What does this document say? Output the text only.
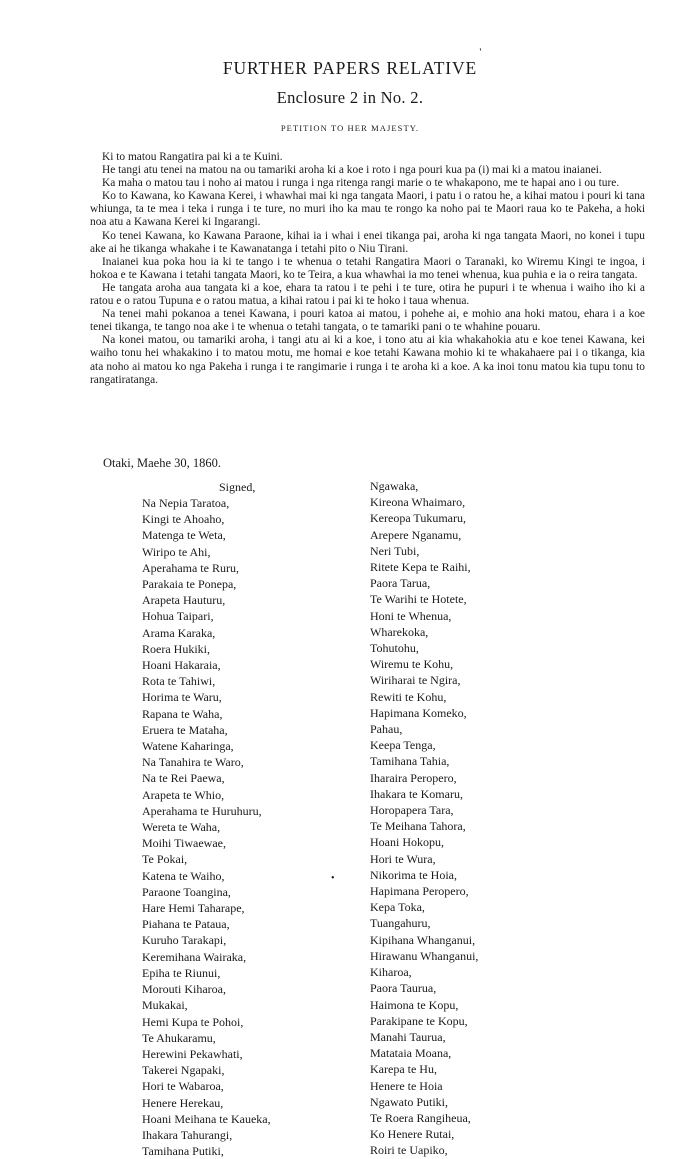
ʹ
FURTHER PAPERS RELATIVE
Enclosure 2 in No. 2.
PETITION TO HER MAJESTY.

Ki to matou Rangatira pai ki a te Kuini.

He tangi atu tenei na matou na ou tamariki aroha ki a koe i roto i nga pouri kua pa (i) mai ki a matou inaianei.

Ka maha o matou tau i noho ai matou i runga i nga ritenga rangi marie o te whakapono, me te hapai ano i ou ture.

Ko to Kawana, ko Kawana Kerei, i whawhai mai ki nga tangata Maori, i patu i o ratou he, a kihai matou i pouri ki tana whiunga, ta te mea i teka i runga i te ture, no muri iho ka mau te rongo ka noho pai te Maori raua ko te Pakeha, a hoki noa atu a Kawana Kerei ki Ingarangi.

Ko tenei Kawana, ko Kawana Paraone, kihai ia i whai i enei tikanga pai, aroha ki nga tangata Maori, no konei i tupu ake ai he tikanga whakahe i te Kawanatanga i tetahi pito o Niu Tirani.

Inaianei kua poka hou ia ki te tango i te whenua o tetahi Rangatira Maori o Taranaki, ko Wiremu Kingi te ingoa, i hokoa e te Kawana i tetahi tangata Maori, ko te Teira, a kua whawhai ia mo tenei whenua, kua puhia e ia o reira tangata.

He tangata aroha aua tangata ki a koe, ehara ta ratou i te pehi i te ture, otira he pupuri i te whenua i waiho iho ki a ratou e o ratou Tupuna e o ratou matua, a kihai ratou i pai ki te hoko i taua whenua.

Na tenei mahi pokanoa a tenei Kawana, i pouri katoa ai matou, i pohehe ai, e mohio ana hoki matou, ehara i a koe tenei tikanga, te tango noa ake i te whenua o tetahi tangata, o te tamariki pani o te whahine pouaru.

Na konei matou, ou tamariki aroha, i tangi atu ai ki a koe, i tono atu ai kia whakahokia atu e koe tenei Kawana, kei waiho tonu hei whakakino i to matou motu, me homai e koe tetahi Kawana mohio ki te whakahaere pai i o tikanga, kia ata noho ai matou ko nga Pakeha i runga i te rangimarie i runga i te aroha ki a koe. A ka inoi tonu matou kia tupu tonu to rangatiratanga.

Otaki, Maehe 30, 1860.
Signed,
Na Nepia Taratoa,
Kingi te Ahoaho,
Matenga te Weta,
Wiripo te Ahi,
Aperahama te Ruru,
Parakaia te Ponepa,
Arapeta Hauturu,
Hohua Taipari,
Arama Karaka,
Roera Hukiki,
Hoani Hakaraia,
Rota te Tahiwi,
Horima te Waru,
Rapana te Waha,
Eruera te Mataha,
Watene Kaharinga,
Na Tanahira te Waro,
Na te Rei Paewa,
Arapeta te Whio,
Aperahama te Huruhuru,
Wereta te Waha,
Moihi Tiwaewae,
Te Pokai,
Katena te Waiho,
Paraone Toangina,
Hare Hemi Taharape,
Piahana te Pataua,
Kuruho Tarakapi,
Keremihana Wairaka,
Epiha te Riunui,
Morouti Kiharoa,
Mukakai,
Hemi Kupa te Pohoi,
Te Ahukaramu,
Herewini Pekawhati,
Takerei Ngapaki,
Hori te Wabaroa,
Henere Herekau,
Hoani Meihana te Kaueka,
Ihakara Tahurangi,
Tamihana Putiki,
Ngawaka,
Kireona Whaimaro,
Kereopa Tukumaru,
Arepere Nganamu,
Neri Tubi,
Ritete Kepa te Raihi,
Paora Tarua,
Te Warihi te Hotete,
Honi te Whenua,
Wharekoka,
Tohutohu,
Wiremu te Kohu,
Wiriharai te Ngira,
Rewiti te Kohu,
Hapimana Komeko,
Pahau,
Keepa Tenga,
Tamihana Tahia,
Iharaira Peropero,
Ihakara te Komaru,
Horopapera Tara,
Te Meihana Tahora,
Hoani Hokopu,
Hori te Wura,
Nikorima te Hoia,
Hapimana Peropero,
Kepa Toka,
Tuangahuru,
Kipihana Whanganui,
Hirawanu Whanganui,
Kiharoa,
Paora Taurua,
Haimona te Kopu,
Parakipane te Kopu,
Manahi Taurua,
Matataia Moana,
Karepa te Hu,
Henere te Hoia
Ngawato Putiki,
Te Roera Rangiheua,
Ko Henere Rutai,
Roiri te Uapiko,
•
